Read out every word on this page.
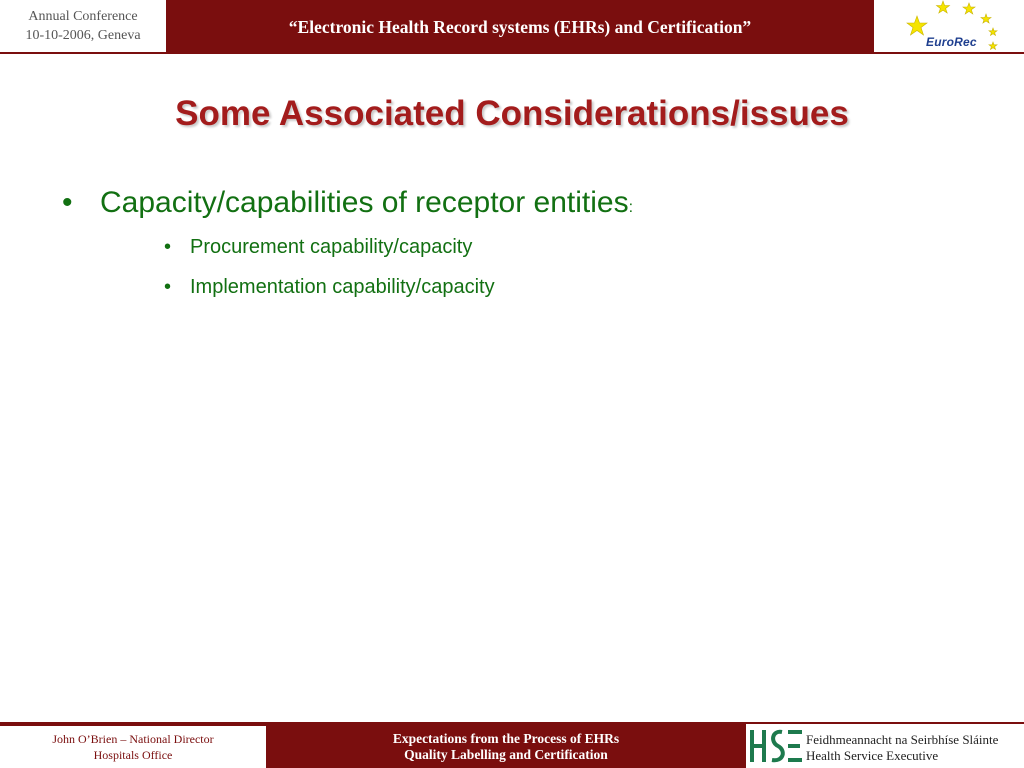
Annual Conference
10-10-2006, Geneva	“Electronic Health Record systems (EHRs) and Certification”
EuroRec
Some Associated Considerations/issues
• Capacity/capabilities of receptor entities:
• Procurement capability/capacity
• Implementation capability/capacity
John O’Brien – National Director
Hospitals Office
Expectations from the Process of EHRs
Quality Labelling and Certification
Feidhmeannacht na Seirbhíse Sláinte
Health Service Executive
